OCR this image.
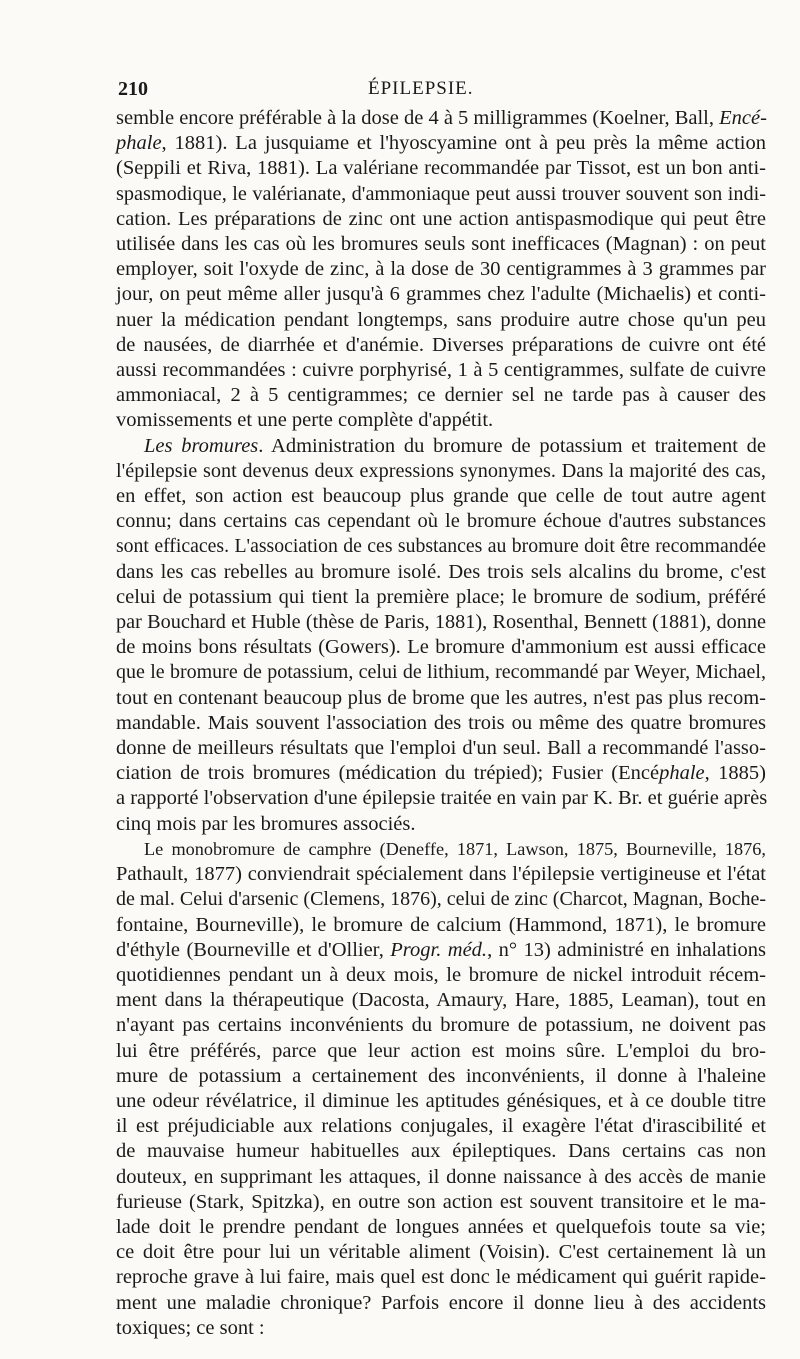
210	ÉPILEPSIE.
semble encore préférable à la dose de 4 à 5 milligrammes (Koelner, Ball, Encé-
phale, 1881). La jusquiame et l'hyoscyamine ont à peu près la même action
(Seppili et Riva, 1881). La valériane recommandée par Tissot, est un bon anti-
spasmodique, le valérianate, d'ammoniaque peut aussi trouver souvent son indi-
cation. Les préparations de zinc ont une action antispasmodique qui peut être
utilisée dans les cas où les bromures seuls sont inefficaces (Magnan) : on peut
employer, soit l'oxyde de zinc, à la dose de 30 centigrammes à 3 grammes par
jour, on peut même aller jusqu'à 6 grammes chez l'adulte (Michaelis) et conti-
nuer la médication pendant longtemps, sans produire autre chose qu'un peu
de nausées, de diarrhée et d'anémie. Diverses préparations de cuivre ont été
aussi recommandées : cuivre porphyrisé, 1 à 5 centigrammes, sulfate de cuivre
ammoniacal, 2 à 5 centigrammes; ce dernier sel ne tarde pas à causer des
vomissements et une perte complète d'appétit.
Les bromures. Administration du bromure de potassium et traitement de
l'épilepsie sont devenus deux expressions synonymes. Dans la majorité des cas,
en effet, son action est beaucoup plus grande que celle de tout autre agent
connu; dans certains cas cependant où le bromure échoue d'autres substances
sont efficaces. L'association de ces substances au bromure doit être recommandée
dans les cas rebelles au bromure isolé. Des trois sels alcalins du brome, c'est
celui de potassium qui tient la première place; le bromure de sodium, préféré
par Bouchard et Huble (thèse de Paris, 1881), Rosenthal, Bennett (1881), donne
de moins bons résultats (Gowers). Le bromure d'ammonium est aussi efficace
que le bromure de potassium, celui de lithium, recommandé par Weyer, Michael,
tout en contenant beaucoup plus de brome que les autres, n'est pas plus recom-
mandable. Mais souvent l'association des trois ou même des quatre bromures
donne de meilleurs résultats que l'emploi d'un seul. Ball a recommandé l'asso-
ciation de trois bromures (médication du trépied); Fusier (Encéphale, 1885)
a rapporté l'observation d'une épilepsie traitée en vain par K. Br. et guérie après
cinq mois par les bromures associés.
Le monobromure de camphre (Deneffe, 1871, Lawson, 1875, Bourneville, 1876,
Pathault, 1877) conviendrait spécialement dans l'épilepsie vertigineuse et l'état
de mal. Celui d'arsenic (Clemens, 1876), celui de zinc (Charcot, Magnan, Boche-
fontaine, Bourneville), le bromure de calcium (Hammond, 1871), le bromure
d'éthyle (Bourneville et d'Ollier, Progr. méd., n° 13) administré en inhalations
quotidiennes pendant un à deux mois, le bromure de nickel introduit récem-
ment dans la thérapeutique (Dacosta, Amaury, Hare, 1885, Leaman), tout en
n'ayant pas certains inconvénients du bromure de potassium, ne doivent pas
lui être préférés, parce que leur action est moins sûre. L'emploi du bro-
mure de potassium a certainement des inconvénients, il donne à l'haleine
une odeur révélatrice, il diminue les aptitudes génésiques, et à ce double titre
il est préjudiciable aux relations conjugales, il exagère l'état d'irascibilité et
de mauvaise humeur habituelles aux épileptiques. Dans certains cas non
douteux, en supprimant les attaques, il donne naissance à des accès de manie
furieuse (Stark, Spitzka), en outre son action est souvent transitoire et le ma-
lade doit le prendre pendant de longues années et quelquefois toute sa vie;
ce doit être pour lui un véritable aliment (Voisin). C'est certainement là un
reproche grave à lui faire, mais quel est donc le médicament qui guérit rapide-
ment une maladie chronique? Parfois encore il donne lieu à des accidents
toxiques; ce sont :
